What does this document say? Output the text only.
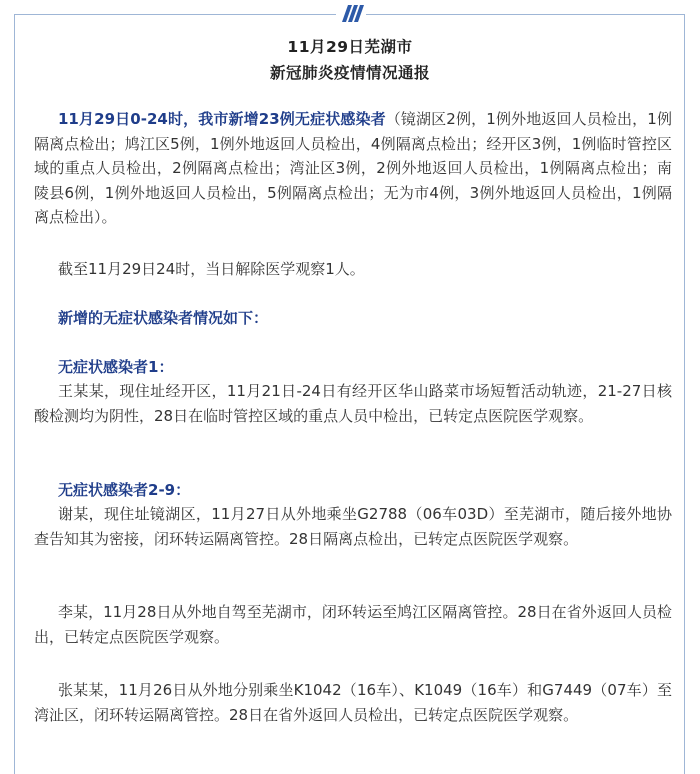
11月29日芜湖市
新冠肺炎疫情情况通报

11月29日0-24时，我市新增23例无症状感染者（镜湖区2例，1例外地返回人员检出，1例隔离点检出；鸠江区5例，1例外地返回人员检出，4例隔离点检出；经开区3例，1例临时管控区域的重点人员检出，2例隔离点检出；湾沚区3例，2例外地返回人员检出，1例隔离点检出；南陵县6例，1例外地返回人员检出，5例隔离点检出；无为市4例，3例外地返回人员检出，1例隔离点检出）。

截至11月29日24时，当日解除医学观察1人。

新增的无症状感染者情况如下：
无症状感染者1：

王某某，现住址经开区，11月21日-24日有经开区华山路菜市场短暂活动轨迹，21-27日核酸检测均为阴性，28日在临时管控区域的重点人员中检出，已转定点医院医学观察。

无症状感染者2-9：

谢某，现住址镜湖区，11月27日从外地乘坐G2788（06车03D）至芜湖市，随后接外地协查告知其为密接，闭环转运隔离管控。28日隔离点检出，已转定点医院医学观察。

李某，11月28日从外地自驾至芜湖市，闭环转运至鸠江区隔离管控。28日在省外返回人员检出，已转定点医院医学观察。

张某某，11月26日从外地分别乘坐K1042（16车）、K1049（16车）和G7449（07车）至湾沚区，闭环转运隔离管控。28日在省外返回人员检出，已转定点医院医学观察。
